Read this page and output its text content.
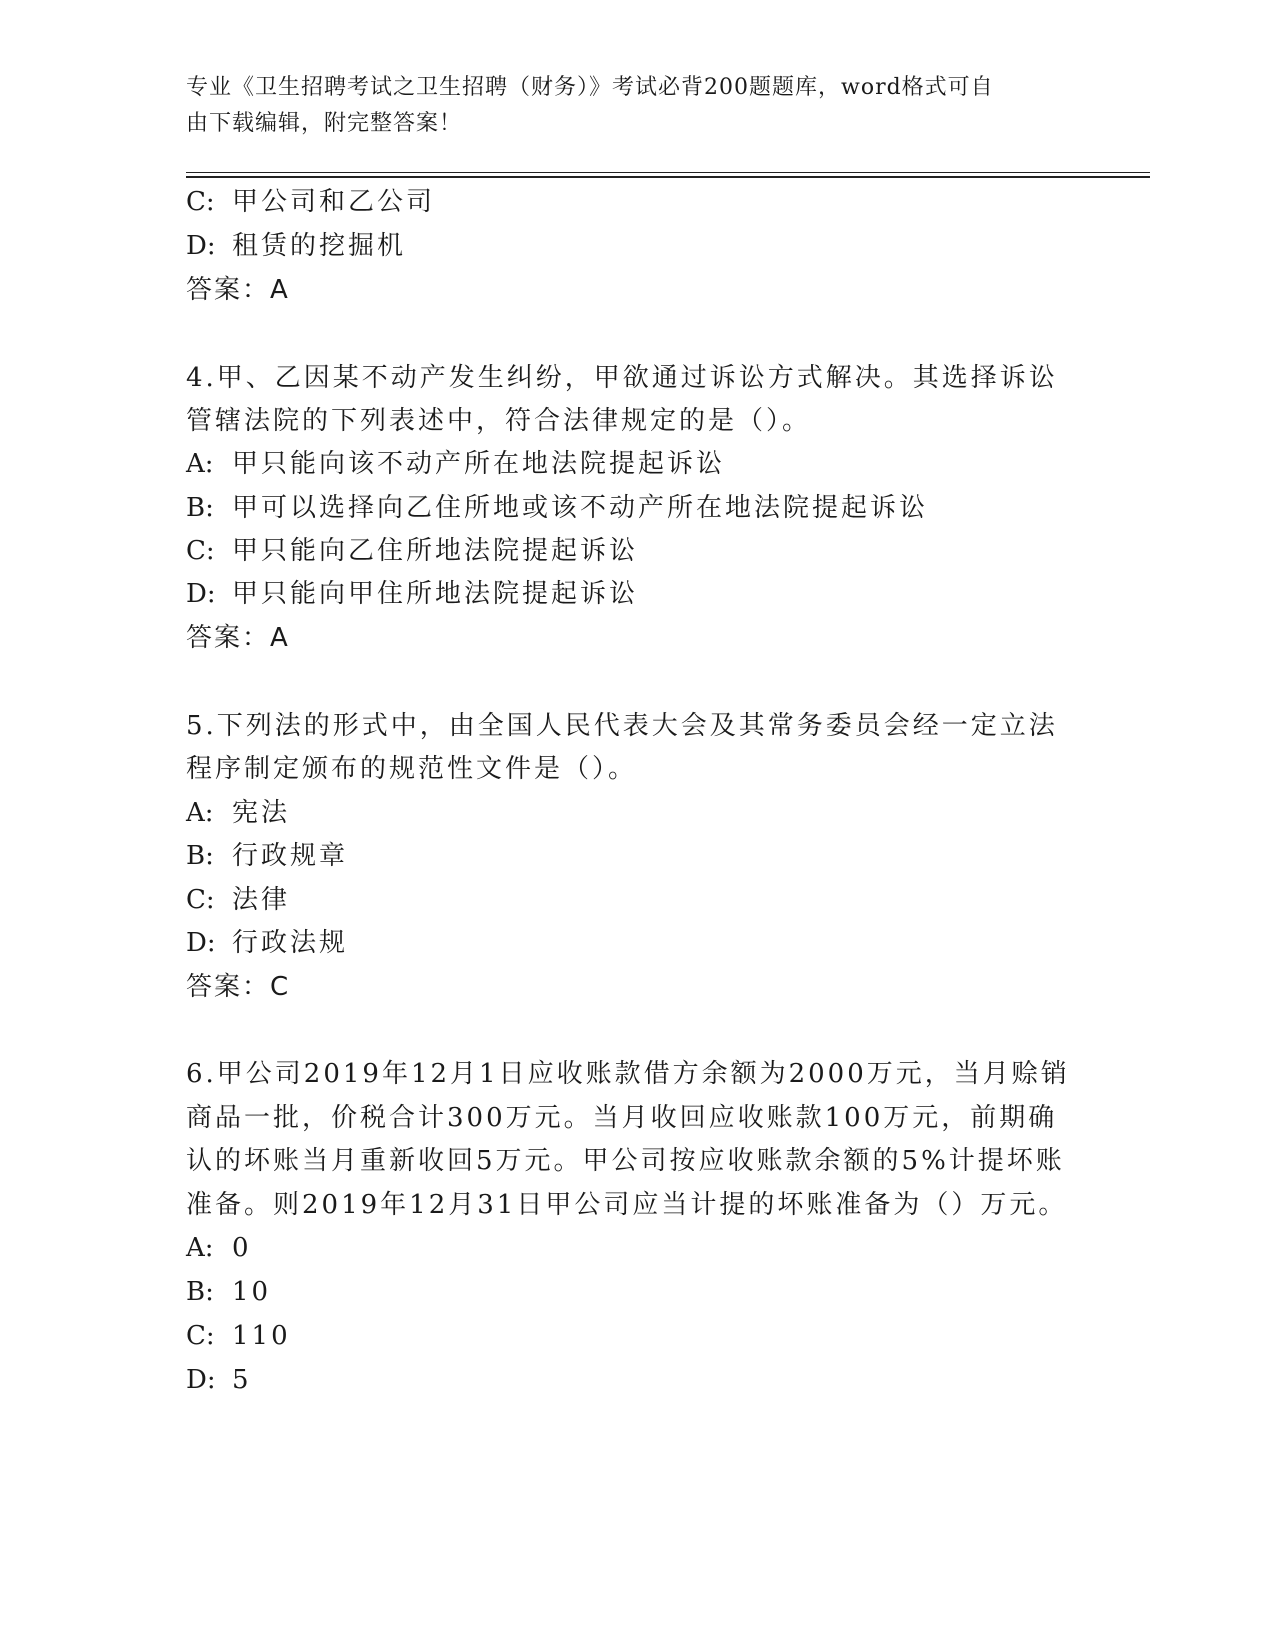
专业《卫生招聘考试之卫生招聘（财务）》考试必背200题题库，word格式可自
由下载编辑，附完整答案！
C: 甲公司和乙公司
D: 租赁的挖掘机
答案：A
4.甲、乙因某不动产发生纠纷，甲欲通过诉讼方式解决。其选择诉讼
管辖法院的下列表述中，符合法律规定的是（）。
A: 甲只能向该不动产所在地法院提起诉讼
B: 甲可以选择向乙住所地或该不动产所在地法院提起诉讼
C: 甲只能向乙住所地法院提起诉讼
D: 甲只能向甲住所地法院提起诉讼
答案：A
5.下列法的形式中，由全国人民代表大会及其常务委员会经一定立法
程序制定颁布的规范性文件是（）。
A: 宪法
B: 行政规章
C: 法律
D: 行政法规
答案：C
6.甲公司2019年12月1日应收账款借方余额为2000万元，当月赊销
商品一批，价税合计300万元。当月收回应收账款100万元，前期确
认的坏账当月重新收回5万元。甲公司按应收账款余额的5%计提坏账
准备。则2019年12月31日甲公司应当计提的坏账准备为（）万元。
A: 0
B: 10
C: 110
D: 5
